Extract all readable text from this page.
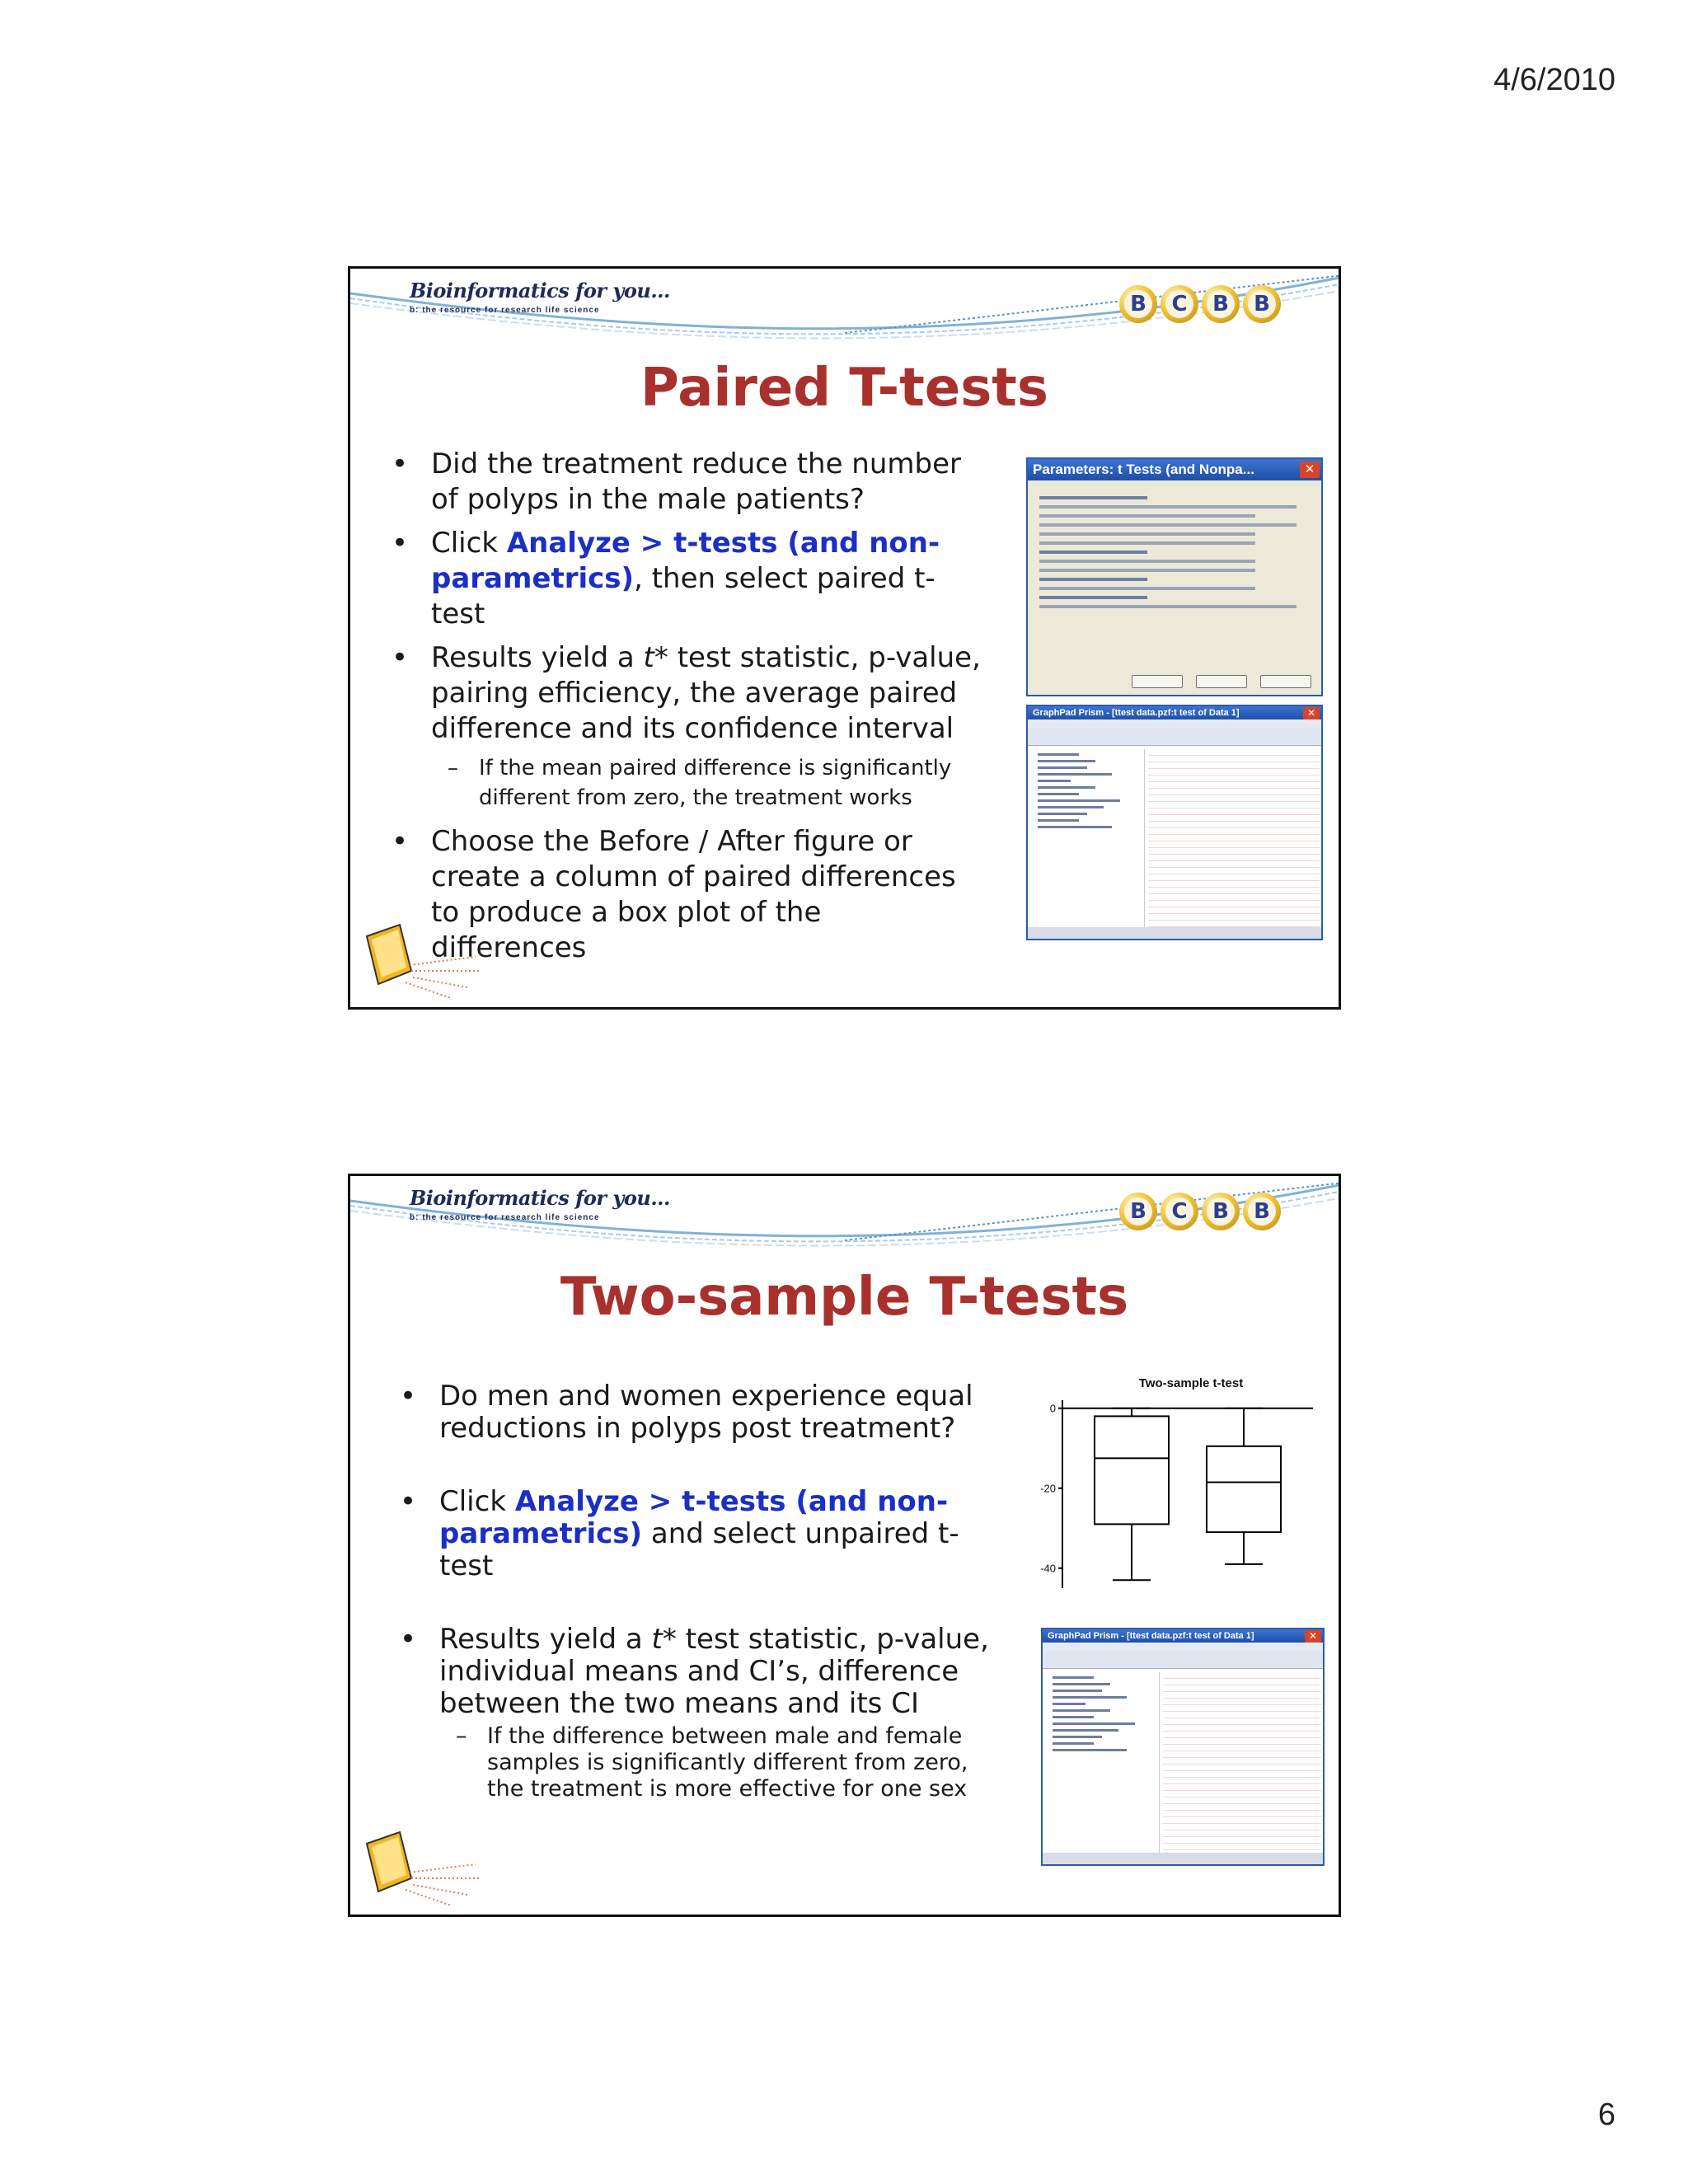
4/6/2010
Bioinformatics for you...
b: the resource for research life science	B C B B
Paired T-tests
• Did the treatment reduce the number of polyps in the male patients?
• Click Analyze > t-tests (and non-parametrics), then select paired t-test
• Results yield a t* test statistic, p-value, pairing efficiency, the average paired difference and its confidence interval
– If the mean paired difference is significantly different from zero, the treatment works
• Choose the Before / After figure or create a column of paired differences to produce a box plot of the differences
Parameters: t Tests (and Nonpa...	✕
GraphPad Prism - [ttest data.pzf:t test of Data 1]	✕
Bioinformatics for you...
b: the resource for research life science	B C B B
Two-sample T-tests
• Do men and women experience equal reductions in polyps post treatment?
• Click Analyze > t-tests (and non-parametrics) and select unpaired t-test
• Results yield a t* test statistic, p-value, individual means and CI’s, difference between the two means and its CI
– If the difference between male and female samples is significantly different from zero, the treatment is more effective for one sex
Two-sample t-test
0
-20
-40
GraphPad Prism - [ttest data.pzf:t test of Data 1]	✕
6
